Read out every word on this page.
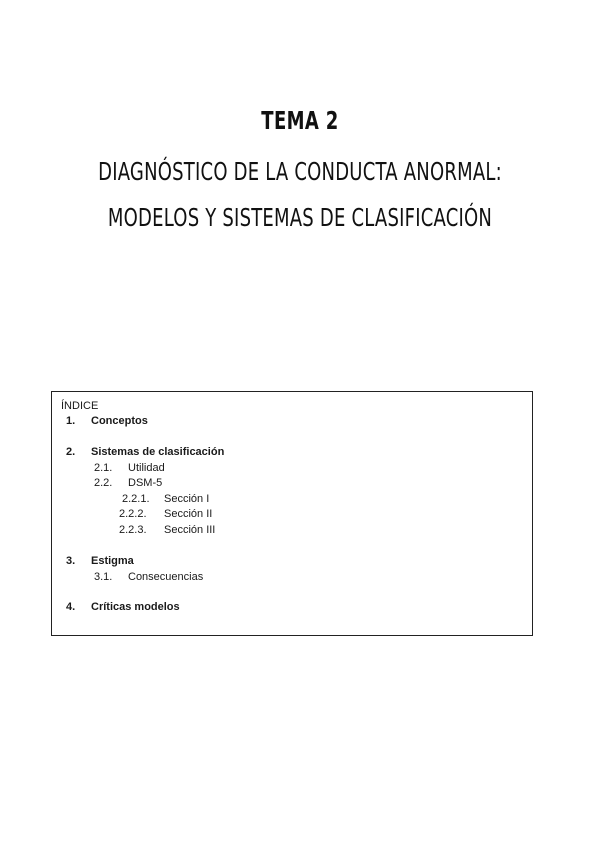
TEMA 2
DIAGNÓSTICO DE LA CONDUCTA ANORMAL:
MODELOS Y SISTEMAS DE CLASIFICACIÓN
ÍNDICE
1. Conceptos
2. Sistemas de clasificación
2.1. Utilidad
2.2. DSM-5
2.2.1. Sección I
2.2.2. Sección II
2.2.3. Sección III
3. Estigma
3.1. Consecuencias
4. Críticas modelos
